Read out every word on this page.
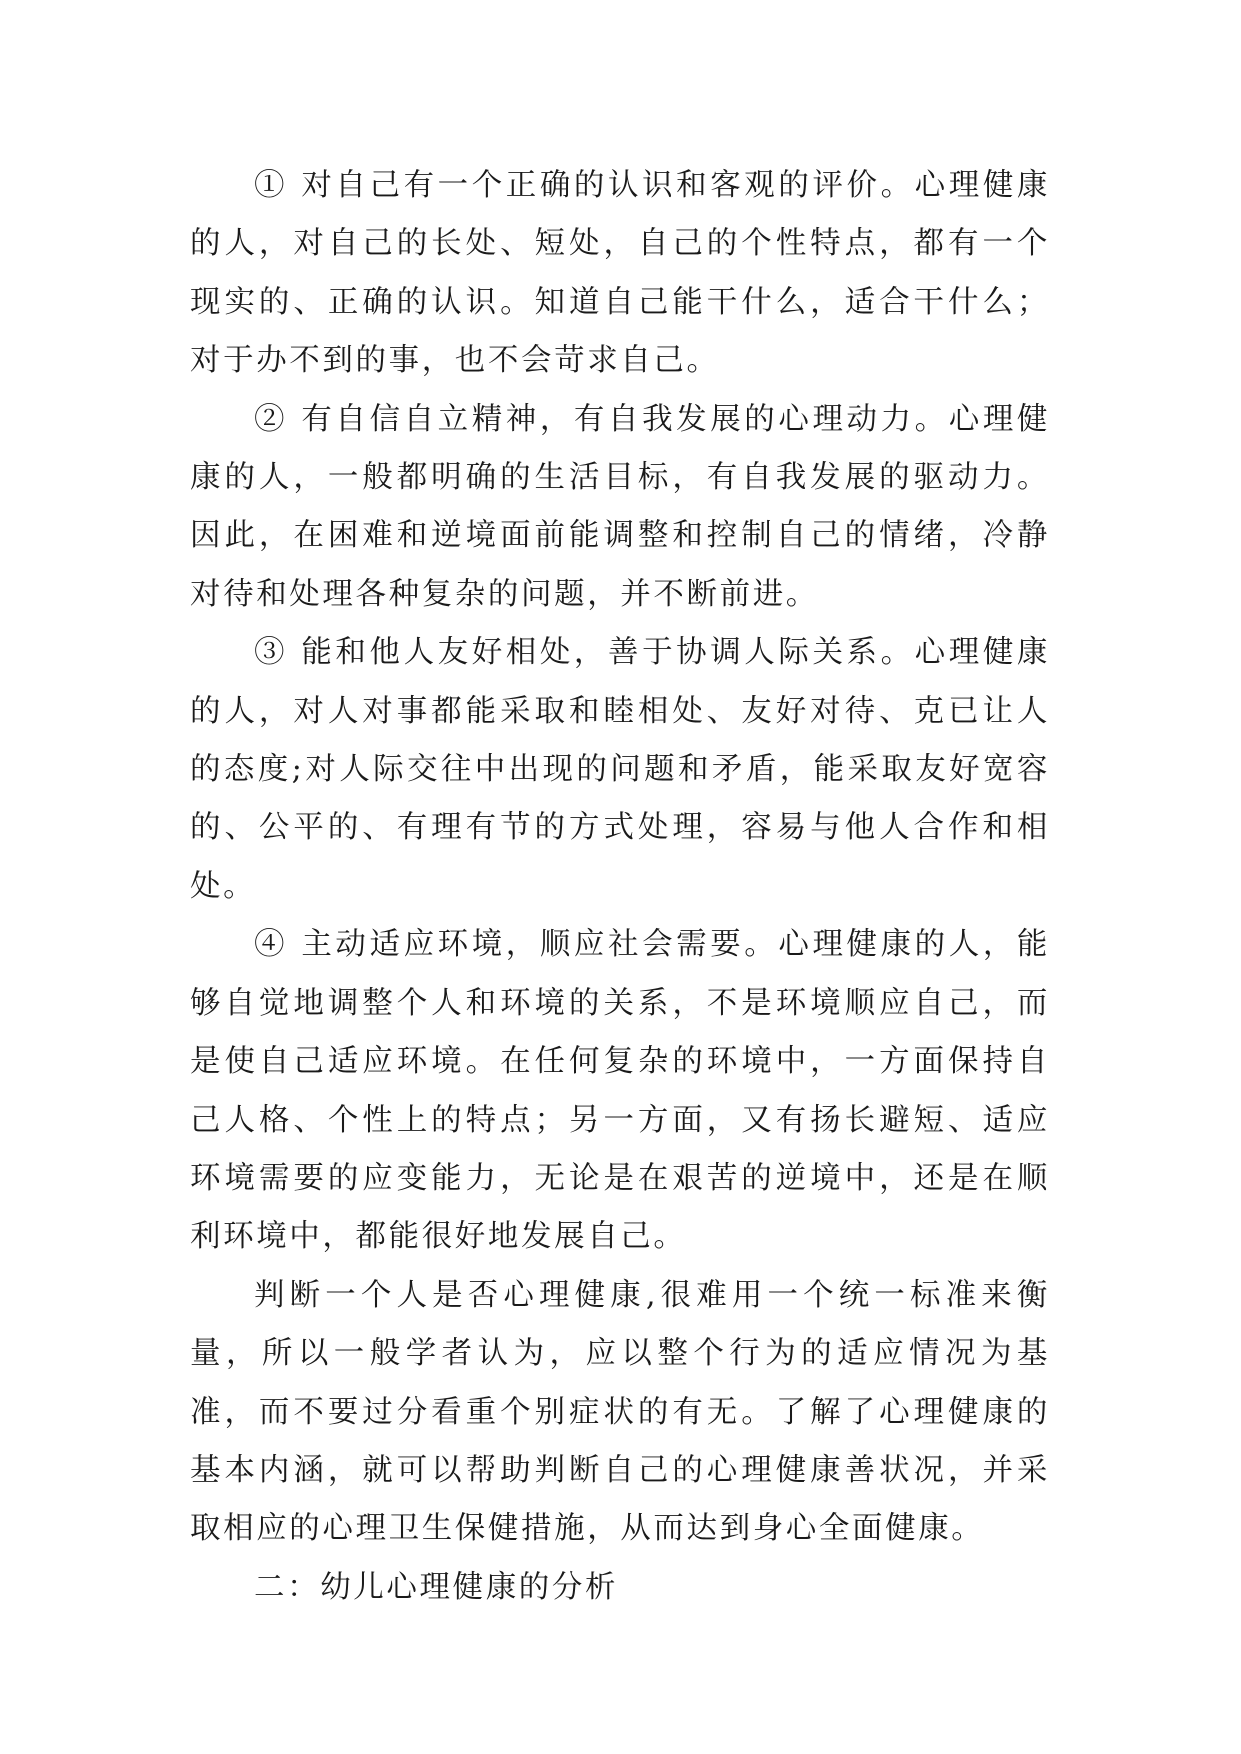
① 对自己有一个正确的认识和客观的评价。心理健康的人，对自己的长处、短处，自己的个性特点，都有一个现实的、正确的认识。知道自己能干什么，适合干什么；对于办不到的事，也不会苛求自己。

② 有自信自立精神，有自我发展的心理动力。心理健康的人，一般都明确的生活目标，有自我发展的驱动力。因此，在困难和逆境面前能调整和控制自己的情绪，冷静对待和处理各种复杂的问题，并不断前进。

③ 能和他人友好相处，善于协调人际关系。心理健康的人，对人对事都能采取和睦相处、友好对待、克已让人的态度;对人际交往中出现的问题和矛盾，能采取友好宽容的、公平的、有理有节的方式处理，容易与他人合作和相处。

④ 主动适应环境，顺应社会需要。心理健康的人，能够自觉地调整个人和环境的关系，不是环境顺应自己，而是使自己适应环境。在任何复杂的环境中，一方面保持自己人格、个性上的特点；另一方面，又有扬长避短、适应环境需要的应变能力，无论是在艰苦的逆境中，还是在顺利环境中，都能很好地发展自己。

判断一个人是否心理健康,很难用一个统一标准来衡量，所以一般学者认为，应以整个行为的适应情况为基准，而不要过分看重个别症状的有无。了解了心理健康的基本内涵，就可以帮助判断自己的心理健康善状况，并采取相应的心理卫生保健措施，从而达到身心全面健康。

二：幼儿心理健康的分析
